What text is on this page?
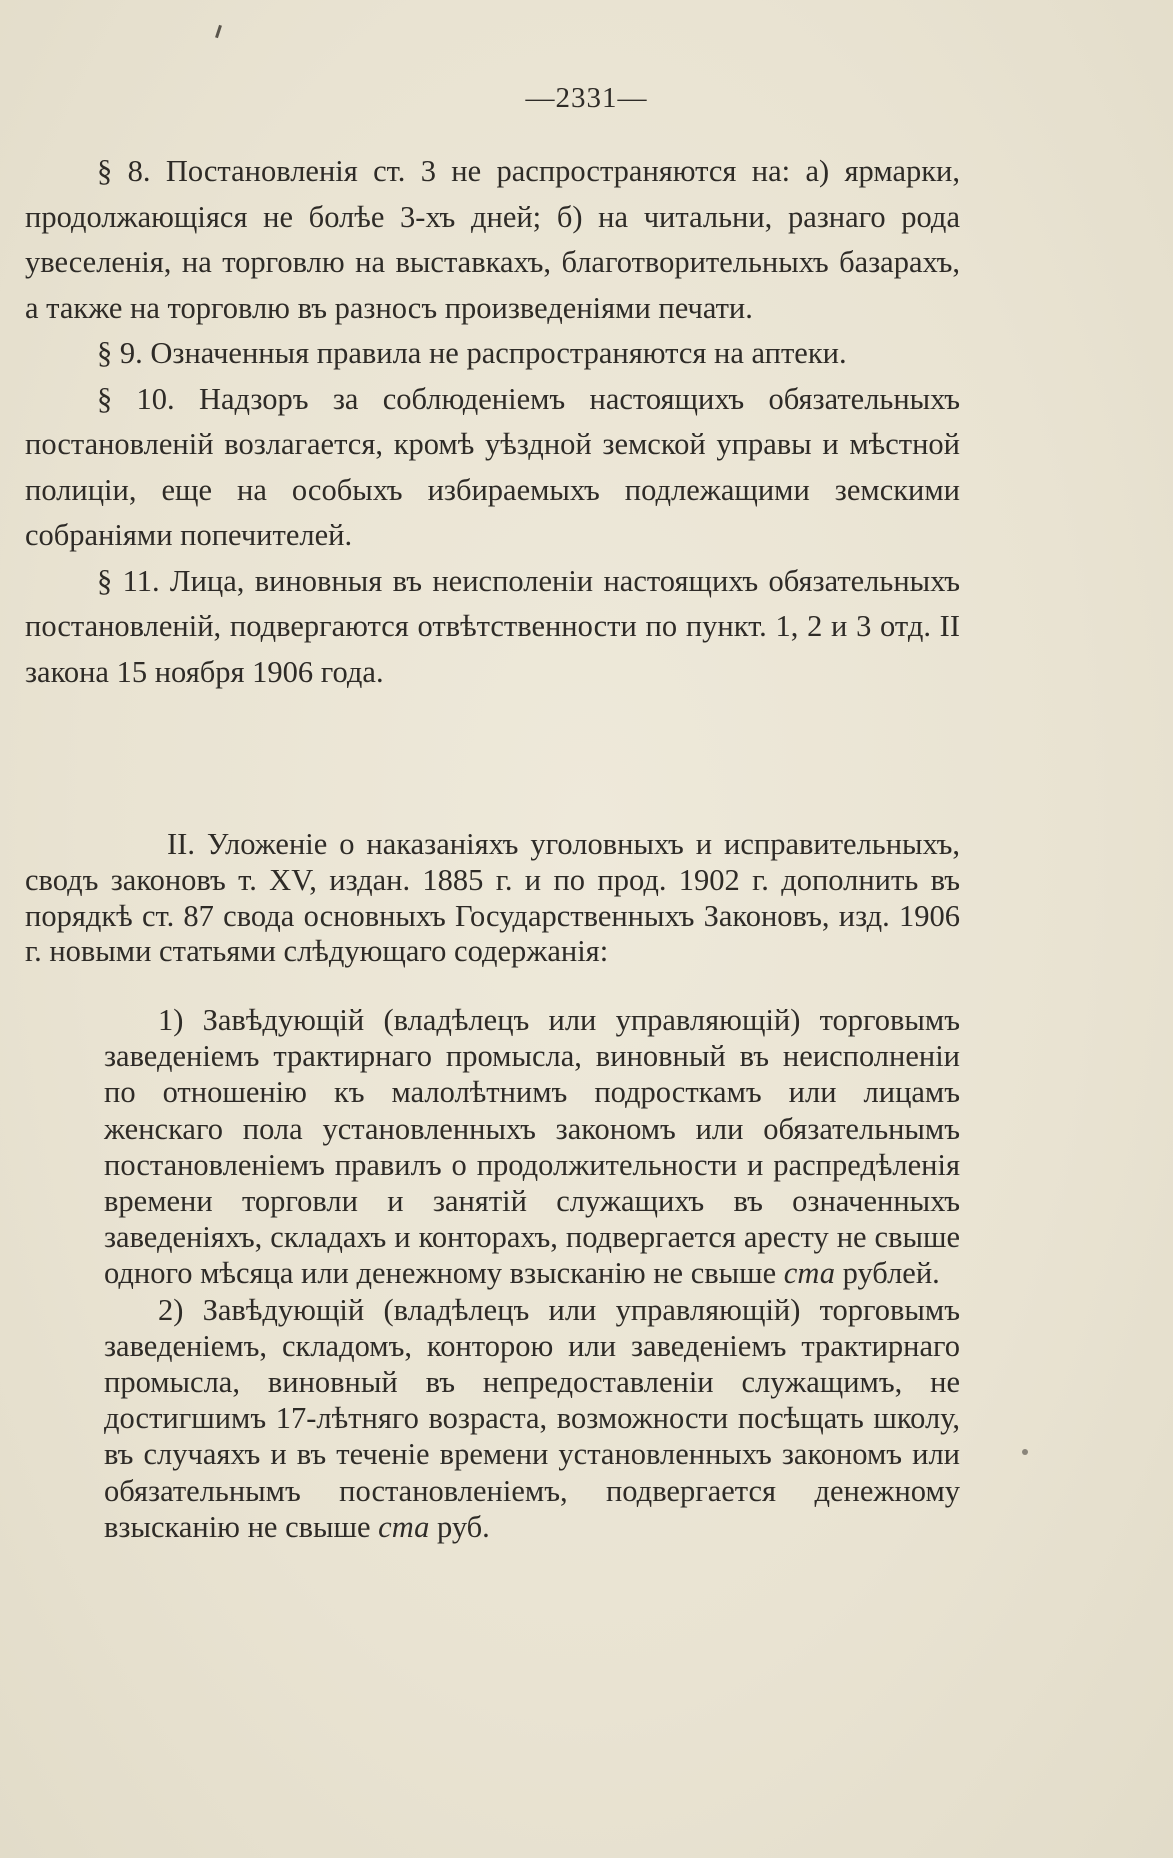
—2331—

§ 8. Постановленія ст. 3 не распространяются на: а) ярмарки, продолжающіяся не болѣе 3-хъ дней; б) на читальни, разнаго рода увеселенія, на торговлю на выставкахъ, благотворительныхъ базарахъ, а также на торговлю въ разносъ произведеніями печати.

§ 9. Означенныя правила не распространяются на аптеки.

§ 10. Надзоръ за соблюденіемъ настоящихъ обязательныхъ постановленій возлагается, кромѣ уѣздной земской управы и мѣстной полиціи, еще на особыхъ избираемыхъ подлежащими земскими собраніями попечителей.

§ 11. Лица, виновныя въ неисполеніи настоящихъ обязательныхъ постановленій, подвергаются отвѣтственности по пункт. 1, 2 и 3 отд. II закона 15 ноября 1906 года.

II. Уложеніе о наказаніяхъ уголовныхъ и исправительныхъ, сводъ законовъ т. XV, издан. 1885 г. и по прод. 1902 г. дополнить въ порядкѣ ст. 87 свода основныхъ Государственныхъ Законовъ, изд. 1906 г. новыми статьями слѣдующаго содержанія:

1) Завѣдующій (владѣлецъ или управляющій) торговымъ заведеніемъ трактирнаго промысла, виновный въ неисполненіи по отношенію къ малолѣтнимъ подросткамъ или лицамъ женскаго пола установленныхъ закономъ или обязательнымъ постановленіемъ правилъ о продолжительности и распредѣленія времени торговли и занятій служащихъ въ означенныхъ заведеніяхъ, складахъ и конторахъ, подвергается аресту не свыше одного мѣсяца или денежному взысканію не свыше ста рублей.

2) Завѣдующій (владѣлецъ или управляющій) торговымъ заведеніемъ, складомъ, конторою или заведеніемъ трактирнаго промысла, виновный въ непредоставленіи служащимъ, не достигшимъ 17-лѣтняго возраста, возможности посѣщать школу, въ случаяхъ и въ теченіе времени установленныхъ закономъ или обязательнымъ постановленіемъ, подвергается денежному взысканію не свыше ста руб.
